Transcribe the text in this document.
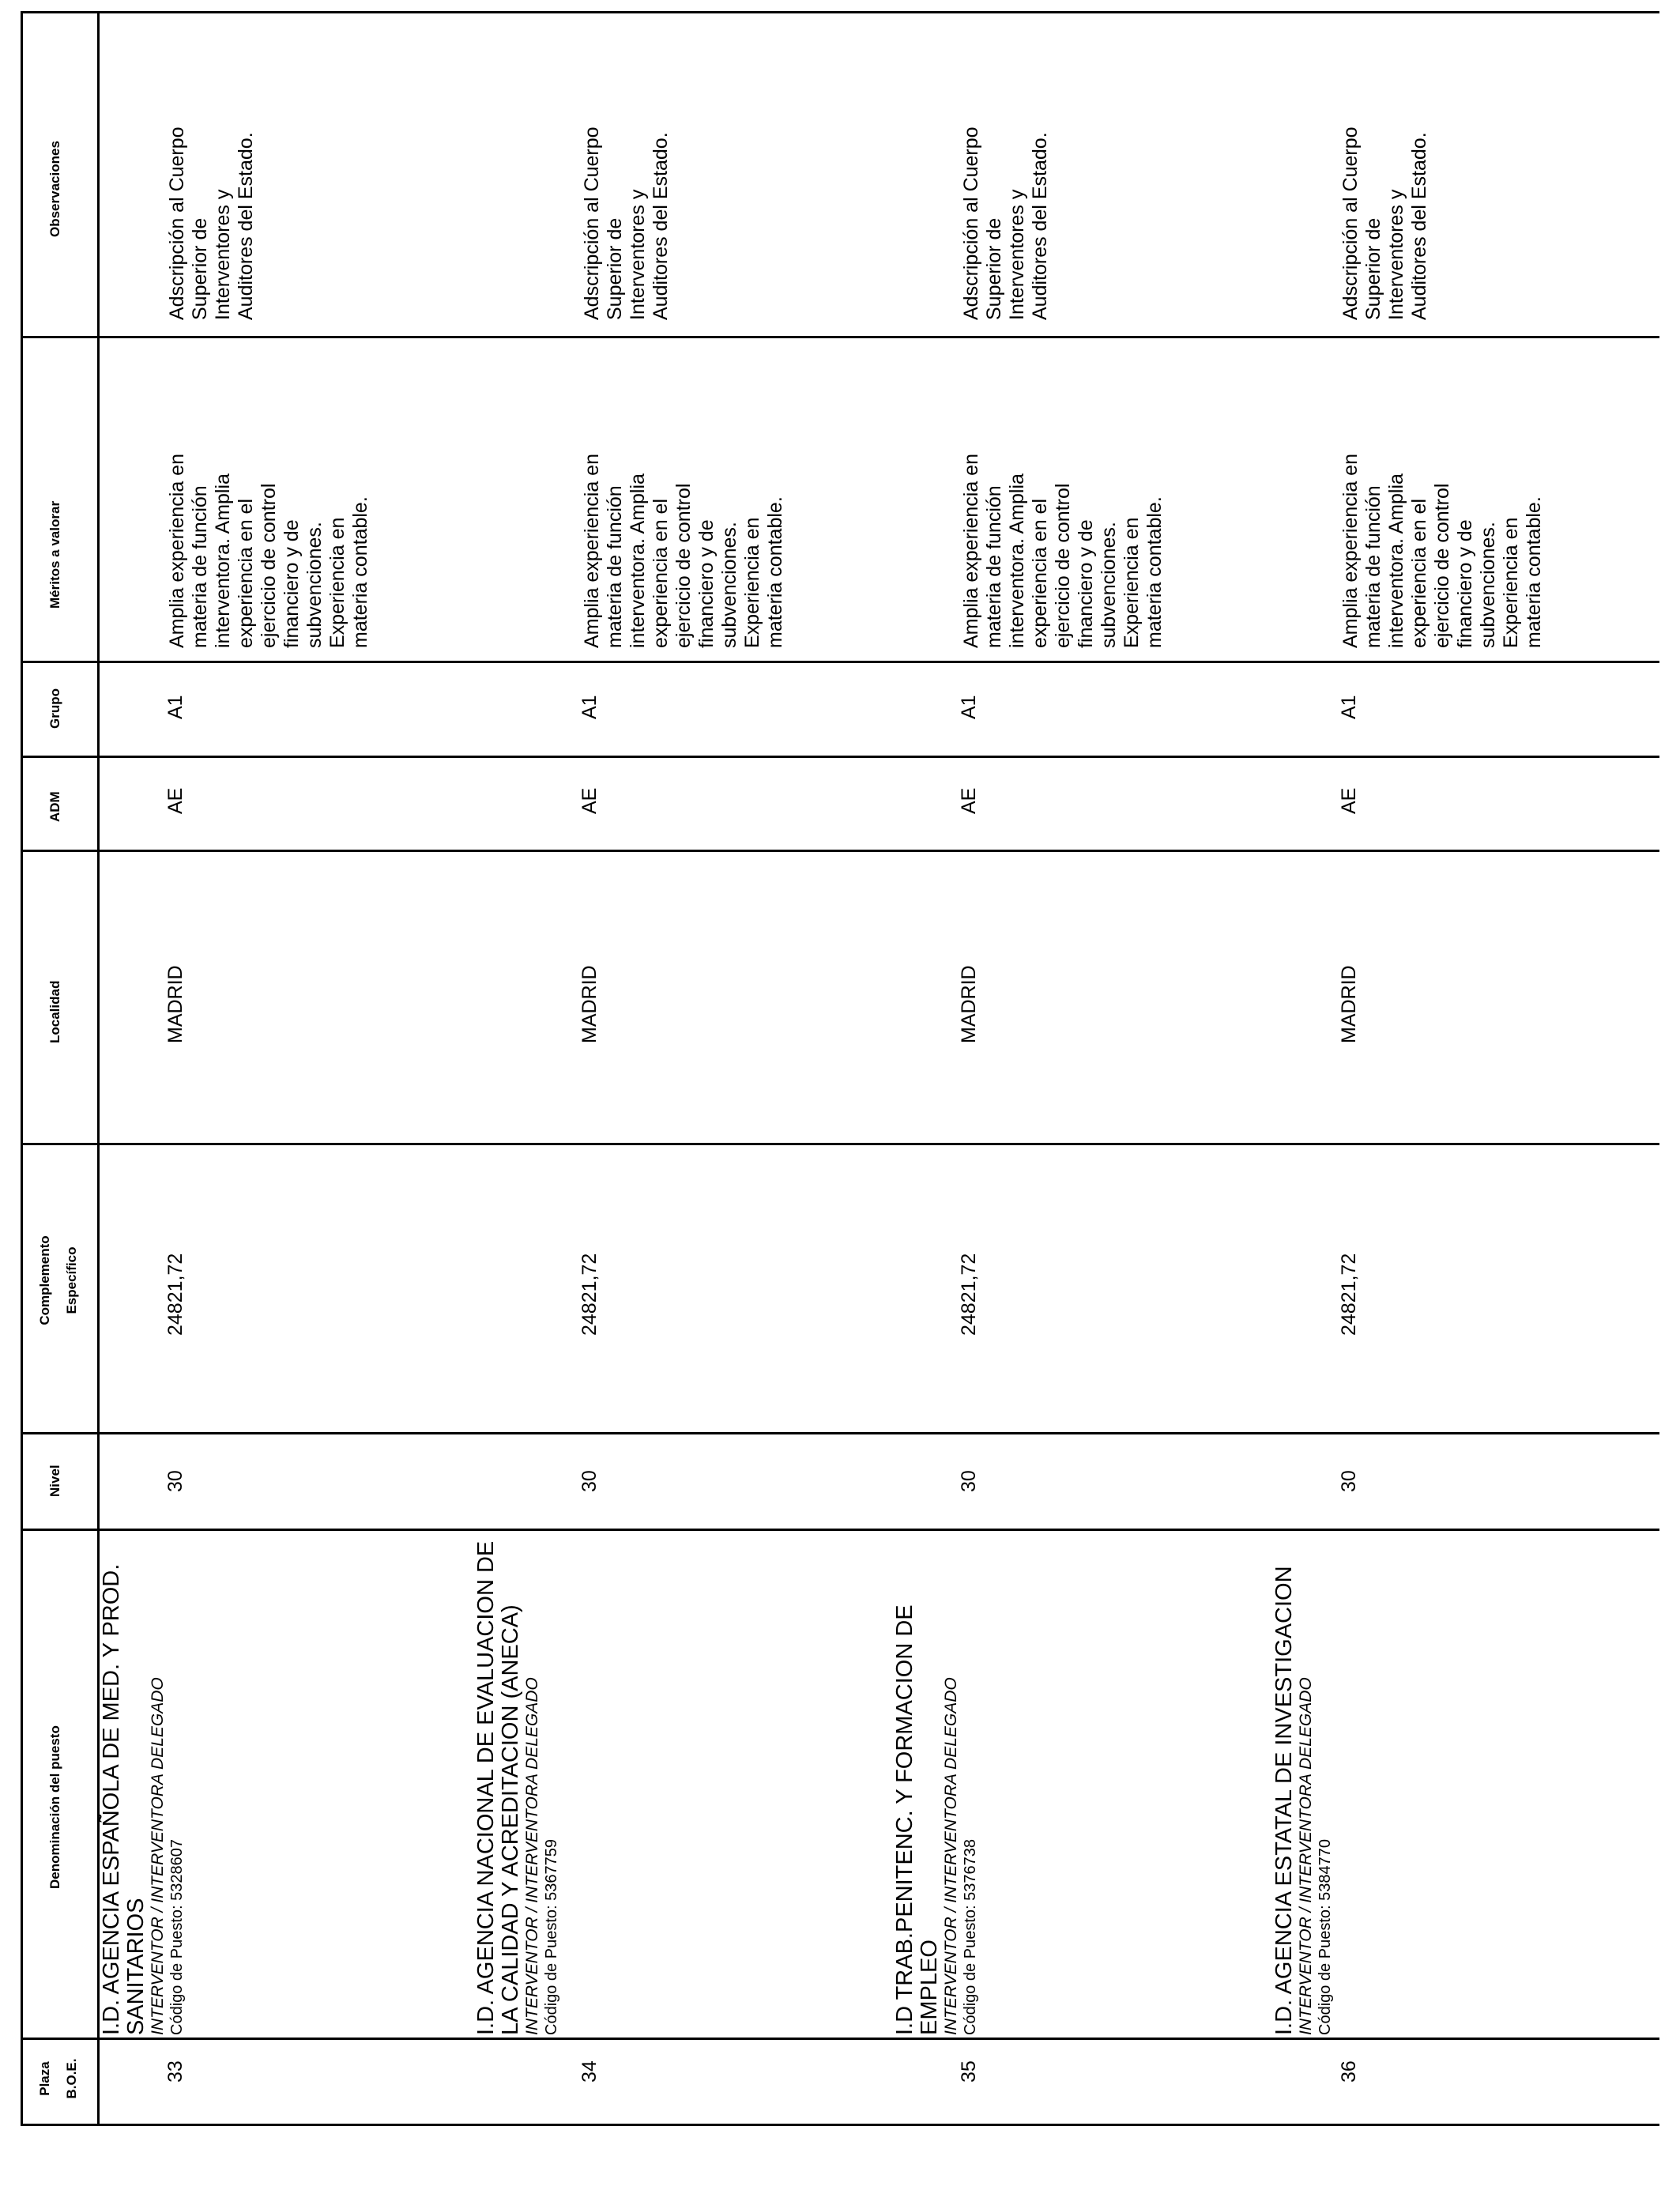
Observaciones
Méritos a valorar
Grupo
ADM
Localidad
Complemento Específico
Nivel
Denominación del puesto
Plaza B.O.E.
Adscripción al Cuerpo Superior de Interventores y Auditores del Estado.
Amplia experiencia en materia de función interventora. Amplia experiencia en el ejercicio de control financiero y de subvenciones. Experiencia en materia contable.
A1
AE
MADRID
24821,72
30
I.D. AGENCIA ESPAÑOLA DE MED. Y PROD. SANITARIOS INTERVENTOR / INTERVENTORA DELEGADO Código de Puesto: 5328607
33
Adscripción al Cuerpo Superior de Interventores y Auditores del Estado.
Amplia experiencia en materia de función interventora. Amplia experiencia en el ejercicio de control financiero y de subvenciones. Experiencia en materia contable.
A1
AE
MADRID
24821,72
30
I.D. AGENCIA NACIONAL DE EVALUACION DE LA CALIDAD Y ACREDITACION (ANECA) INTERVENTOR / INTERVENTORA DELEGADO Código de Puesto: 5367759
34
Adscripción al Cuerpo Superior de Interventores y Auditores del Estado.
Amplia experiencia en materia de función interventora. Amplia experiencia en el ejercicio de control financiero y de subvenciones. Experiencia en materia contable.
A1
AE
MADRID
24821,72
30
I.D TRAB.PENITENC. Y FORMACION DE EMPLEO INTERVENTOR / INTERVENTORA DELEGADO Código de Puesto: 5376738
35
Adscripción al Cuerpo Superior de Interventores y Auditores del Estado.
Amplia experiencia en materia de función interventora. Amplia experiencia en el ejercicio de control financiero y de subvenciones. Experiencia en materia contable.
A1
AE
MADRID
24821,72
30
I.D. AGENCIA ESTATAL DE INVESTIGACION INTERVENTOR / INTERVENTORA DELEGADO Código de Puesto: 5384770
36
